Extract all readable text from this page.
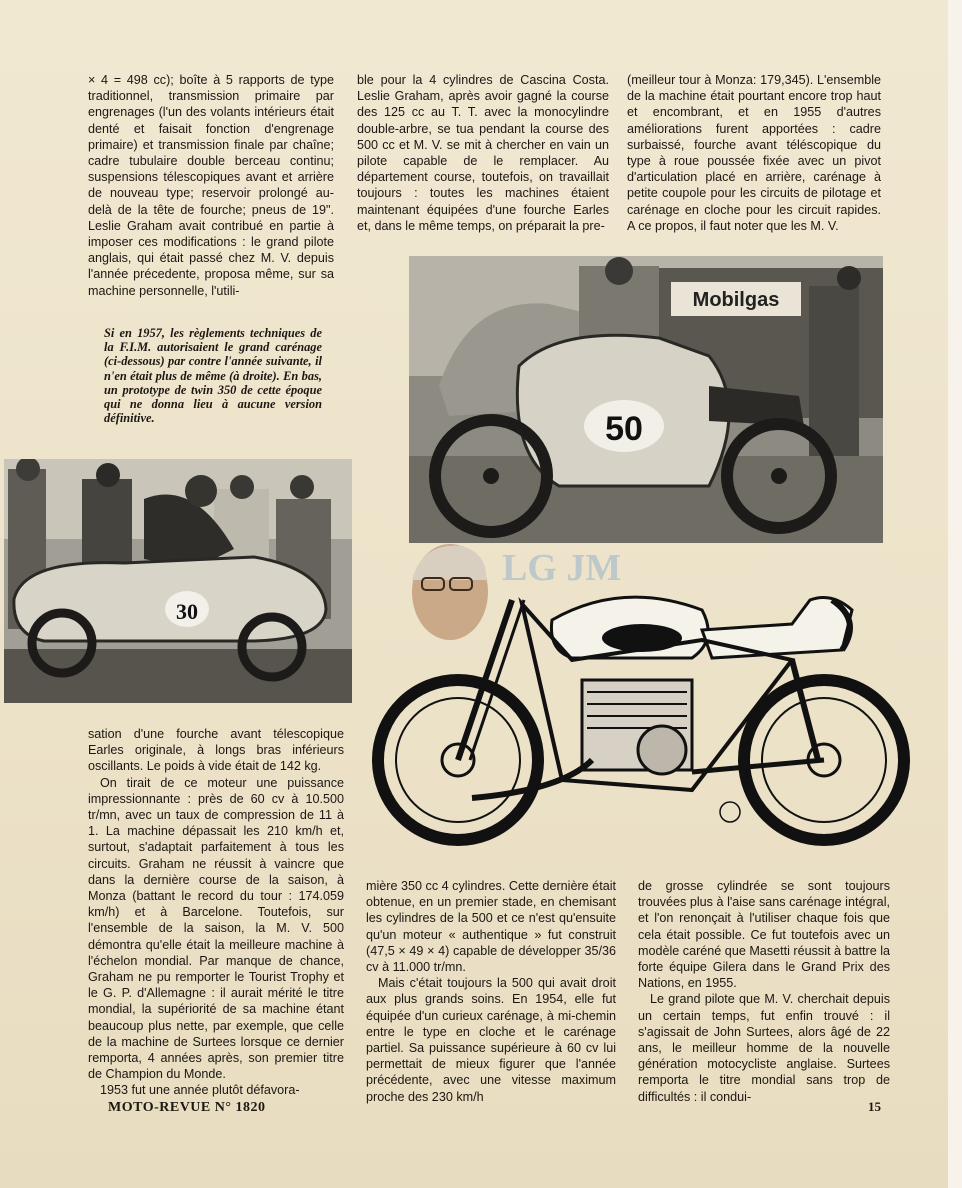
× 4 = 498 cc); boîte à 5 rapports de type traditionnel, transmission primaire par engrenages (l'un des volants intérieurs était denté et faisait fonction d'engrenage primaire) et transmission finale par chaîne; cadre tubulaire double berceau continu; suspensions télescopiques avant et arrière de nouveau type; reservoir prolongé au-delà de la tête de fourche; pneus de 19". Leslie Graham avait contribué en partie à imposer ces modifications : le grand pilote anglais, qui était passé chez M. V. depuis l'année précedente, proposa même, sur sa machine personnelle, l'utili-

Si en 1957, les règlements techniques de la F.I.M. autorisaient le grand carénage (ci-dessous) par contre l'année suivante, il n'en était plus de même (à droite). En bas, un prototype de twin 350 de cette époque qui ne donna lieu à aucune version définitive.

ble pour la 4 cylindres de Cascina Costa. Leslie Graham, après avoir gagné la course des 125 cc au T. T. avec la monocylindre double-arbre, se tua pendant la course des 500 cc et M. V. se mit à chercher en vain un pilote capable de le remplacer. Au département course, toutefois, on travaillait toujours : toutes les machines étaient maintenant équipées d'une fourche Earles et, dans le même temps, on préparait la pre-

(meilleur tour à Monza: 179,345). L'ensemble de la machine était pourtant encore trop haut et encombrant, et en 1955 d'autres améliorations furent apportées : cadre surbaissé, fourche avant téléscopique du type à roue poussée fixée avec un pivot d'articulation placé en arrière, carénage à petite coupole pour les circuits de pilotage et carénage en cloche pour les circuit rapides. A ce propos, il faut noter que les M. V.

Mobilgas
50
30
LG JM

sation d'une fourche avant télescopique Earles originale, à longs bras inférieurs oscillants. Le poids à vide était de 142 kg.

On tirait de ce moteur une puissance impressionnante : près de 60 cv à 10.500 tr/mn, avec un taux de compression de 11 à 1. La machine dépassait les 210 km/h et, surtout, s'adaptait parfaitement à tous les circuits. Graham ne réussit à vaincre que dans la dernière course de la saison, à Monza (battant le record du tour : 174.059 km/h) et à Barcelone. Toutefois, sur l'ensemble de la saison, la M. V. 500 démontra qu'elle était la meilleure machine à l'échelon mondial. Par manque de chance, Graham ne pu remporter le Tourist Trophy et le G. P. d'Allemagne : il aurait mérité le titre mondial, la supériorité de sa machine étant beaucoup plus nette, par exemple, que celle de la machine de Surtees lorsque ce dernier remporta, 4 années après, son premier titre de Champion du Monde.

1953 fut une année plutôt défavora-

mière 350 cc 4 cylindres. Cette dernière était obtenue, en un premier stade, en chemisant les cylindres de la 500 et ce n'est qu'ensuite qu'un moteur « authentique » fut construit (47,5 × 49 × 4) capable de développer 35/36 cv à 11.000 tr/mn.

Mais c'était toujours la 500 qui avait droit aux plus grands soins. En 1954, elle fut équipée d'un curieux carénage, à mi-chemin entre le type en cloche et le carénage partiel. Sa puissance supérieure à 60 cv lui permettait de mieux figurer que l'année précédente, avec une vitesse maximum proche des 230 km/h

de grosse cylindrée se sont toujours trouvées plus à l'aise sans carénage intégral, et l'on renonçait à l'utiliser chaque fois que cela était possible. Ce fut toutefois avec un modèle caréné que Masetti réussit à battre la forte équipe Gilera dans le Grand Prix des Nations, en 1955.

Le grand pilote que M. V. cherchait depuis un certain temps, fut enfin trouvé : il s'agissait de John Surtees, alors âgé de 22 ans, le meilleur homme de la nouvelle génération motocycliste anglaise. Surtees remporta le titre mondial sans trop de difficultés : il condui-

MOTO-REVUE N° 1820	15
